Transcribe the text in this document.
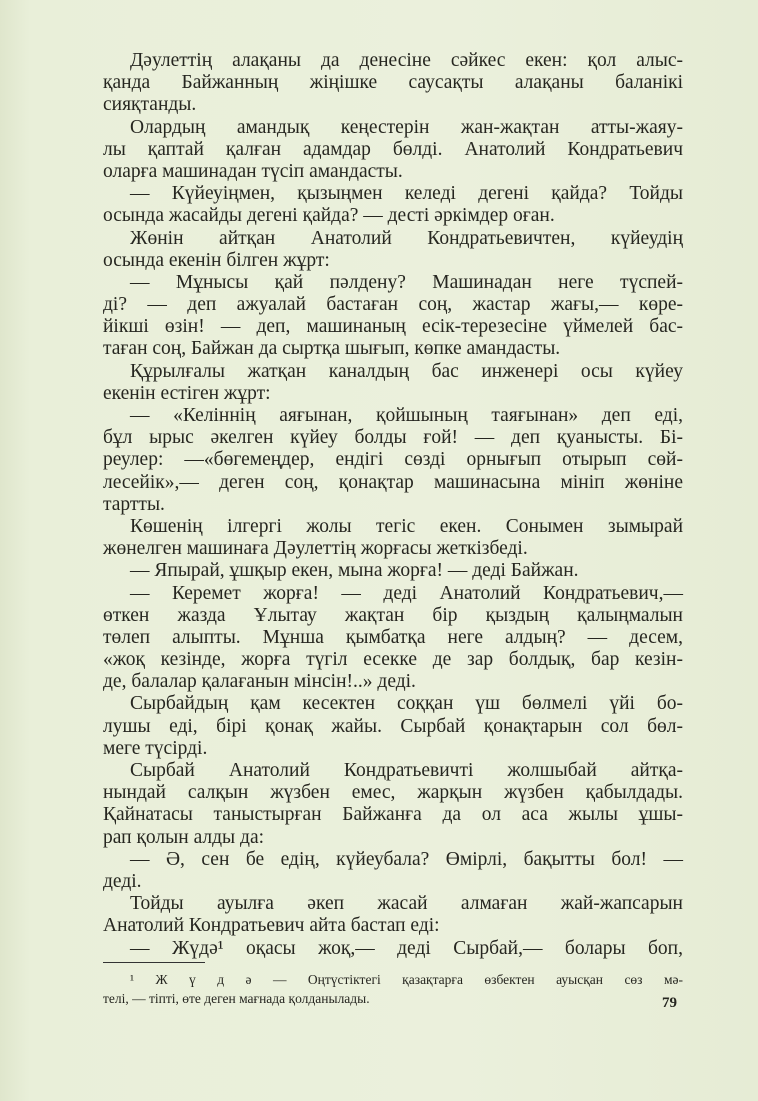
Дәулеттің алақаны да денесіне сәйкес екен: қол алыс-
қанда Байжанның жіңішке саусақты алақаны баланікі
сияқтанды.
Олардың амандық кеңестерін жан-жақтан атты-жаяу-
лы қаптай қалған адамдар бөлді. Анатолий Кондратьевич
оларға машинадан түсіп амандасты.
— Күйеуіңмен, қызыңмен келеді дегені қайда? Тойды
осында жасайды дегені қайда? — десті әркімдер оған.
Жөнін айтқан Анатолий Кондратьевичтен, күйеудің
осында екенін білген жұрт:
— Мұнысы қай пәлдену? Машинадан неге түспей-
ді? — деп ажуалай бастаған соң, жастар жағы,— көре-
йікші өзін! — деп, машинаның есік-терезесіне үймелей бас-
таған соң, Байжан да сыртқа шығып, көпке амандасты.
Құрылғалы жатқан каналдың бас инженері осы күйеу
екенін естіген жұрт:
— «Келіннің аяғынан, қойшының таяғынан» деп еді,
бұл ырыс әкелген күйеу болды ғой! — деп қуанысты. Бі-
реулер: —«бөгемеңдер, ендігі сөзді орнығып отырып сөй-
лесейік»,— деген соң, қонақтар машинасына мініп жөніне
тартты.
Көшенің ілгергі жолы тегіс екен. Сонымен зымырай
жөнелген машинаға Дәулеттің жорғасы жеткізбеді.
— Япырай, ұшқыр екен, мына жорға! — деді Байжан.
— Керемет жорға! — деді Анатолий Кондратьевич,—
өткен жазда Ұлытау жақтан бір қыздың қалыңмалын
төлеп алыпты. Мұнша қымбатқа неге алдың? — десем,
«жоқ кезінде, жорға түгіл есекке де зар болдық, бар кезін-
де, балалар қалағанын мінсін!..» деді.
Сырбайдың қам кесектен соққан үш бөлмелі үйі бо-
лушы еді, бірі қонақ жайы. Сырбай қонақтарын сол бөл-
меге түсірді.
Сырбай Анатолий Кондратьевичті жолшыбай айтқа-
нындай салқын жүзбен емес, жарқын жүзбен қабылдады.
Қайнатасы таныстырған Байжанға да ол аса жылы ұшы-
рап қолын алды да:
— Ә, сен бе едің, күйеубала? Өмірлі, бақытты бол! —
деді.
Тойды ауылға әкеп жасай алмаған жай-жапсарын
Анатолий Кондратьевич айта бастап еді:
— Жүдә¹ оқасы жоқ,— деді Сырбай,— болары боп,
¹ Ж ү д ә — Оңтүстіктегі қазақтарға өзбектен ауысқан сөз мә-
телі, — тіпті, өте деген мағнада қолданылады.	79
